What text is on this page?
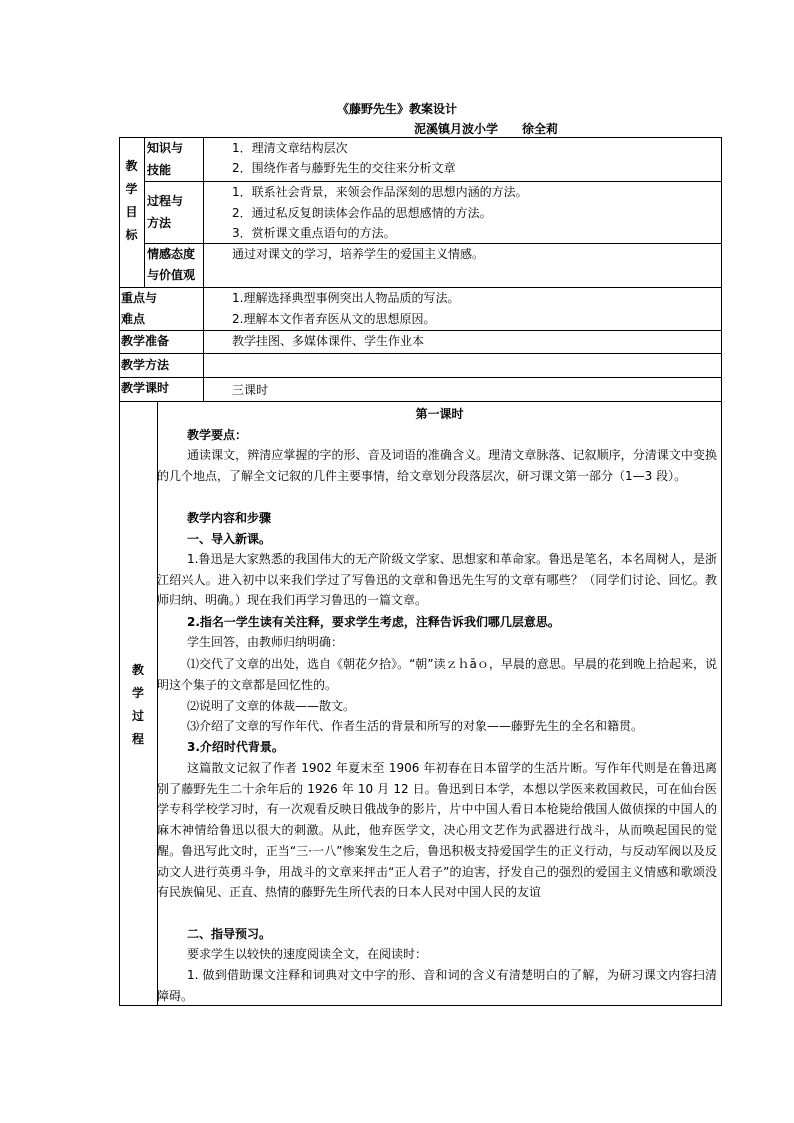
《藤野先生》教案设计
泥溪镇月波小学　　徐全莉
教
学
目
标
知识与
技能
1．理清文章结构层次
2．围绕作者与藤野先生的交往来分析文章
过程与
方法
1．联系社会背景，来领会作品深刻的思想内涵的方法。
2．通过私反复朗读体会作品的思想感情的方法。
3．赏析课文重点语句的方法。
情感态度
与价值观
通过对课文的学习，培养学生的爱国主义情感。
重点与
难点
1.理解选择典型事例突出人物品质的写法。
2.理解本文作者弃医从文的思想原因。
教学准备	教学挂图、多媒体课件、学生作业本
教学方法
教学课时	三课时
教
学
过
程
第一课时
教学要点：
通读课文，辨清应掌握的字的形、音及词语的准确含义。理清文章脉落、记叙顺序，分清课文中变换的几个地点，了解全文记叙的几件主要事情，给文章划分段落层次，研习课文第一部分（1—3 段）。
教学内容和步骤
一、导入新课。
1.鲁迅是大家熟悉的我国伟大的无产阶级文学家、思想家和革命家。鲁迅是笔名，本名周树人，是浙江绍兴人。进入初中以来我们学过了写鲁迅的文章和鲁迅先生写的文章有哪些？（同学们讨论、回忆。教师归纳、明确。）现在我们再学习鲁迅的一篇文章。
2.指名一学生读有关注释，要求学生考虑，注释告诉我们哪几层意思。
学生回答，由教师归纳明确：
⑴交代了文章的出处，选自《朝花夕拾》。“朝”读ｚｈāｏ，早晨的意思。早晨的花到晚上拾起来，说明这个集子的文章都是回忆性的。
⑵说明了文章的体裁——散文。
⑶介绍了文章的写作年代、作者生活的背景和所写的对象——藤野先生的全名和籍贯。
3.介绍时代背景。
这篇散文记叙了作者 1902 年夏末至 1906 年初春在日本留学的生活片断。写作年代则是在鲁迅离别了藤野先生二十余年后的 1926 年 10 月 12 日。鲁迅到日本学，本想以学医来救国救民，可在仙台医学专科学校学习时，有一次观看反映日俄战争的影片，片中中国人看日本枪毙给俄国人做侦探的中国人的麻木神情给鲁迅以很大的刺激。从此，他弃医学文，决心用文艺作为武器进行战斗，从而唤起国民的觉醒。鲁迅写此文时，正当“三·一八”惨案发生之后，鲁迅积极支持爱国学生的正义行动，与反动军阀以及反动文人进行英勇斗争，用战斗的文章来抨击“正人君子”的迫害，抒发自己的强烈的爱国主义情感和歌颂没有民族偏见、正直、热情的藤野先生所代表的日本人民对中国人民的友谊
二、指导预习。
要求学生以较快的速度阅读全文，在阅读时：
1. 做到借助课文注释和词典对文中字的形、音和词的含义有清楚明白的了解，为研习课文内容扫清障碍。
